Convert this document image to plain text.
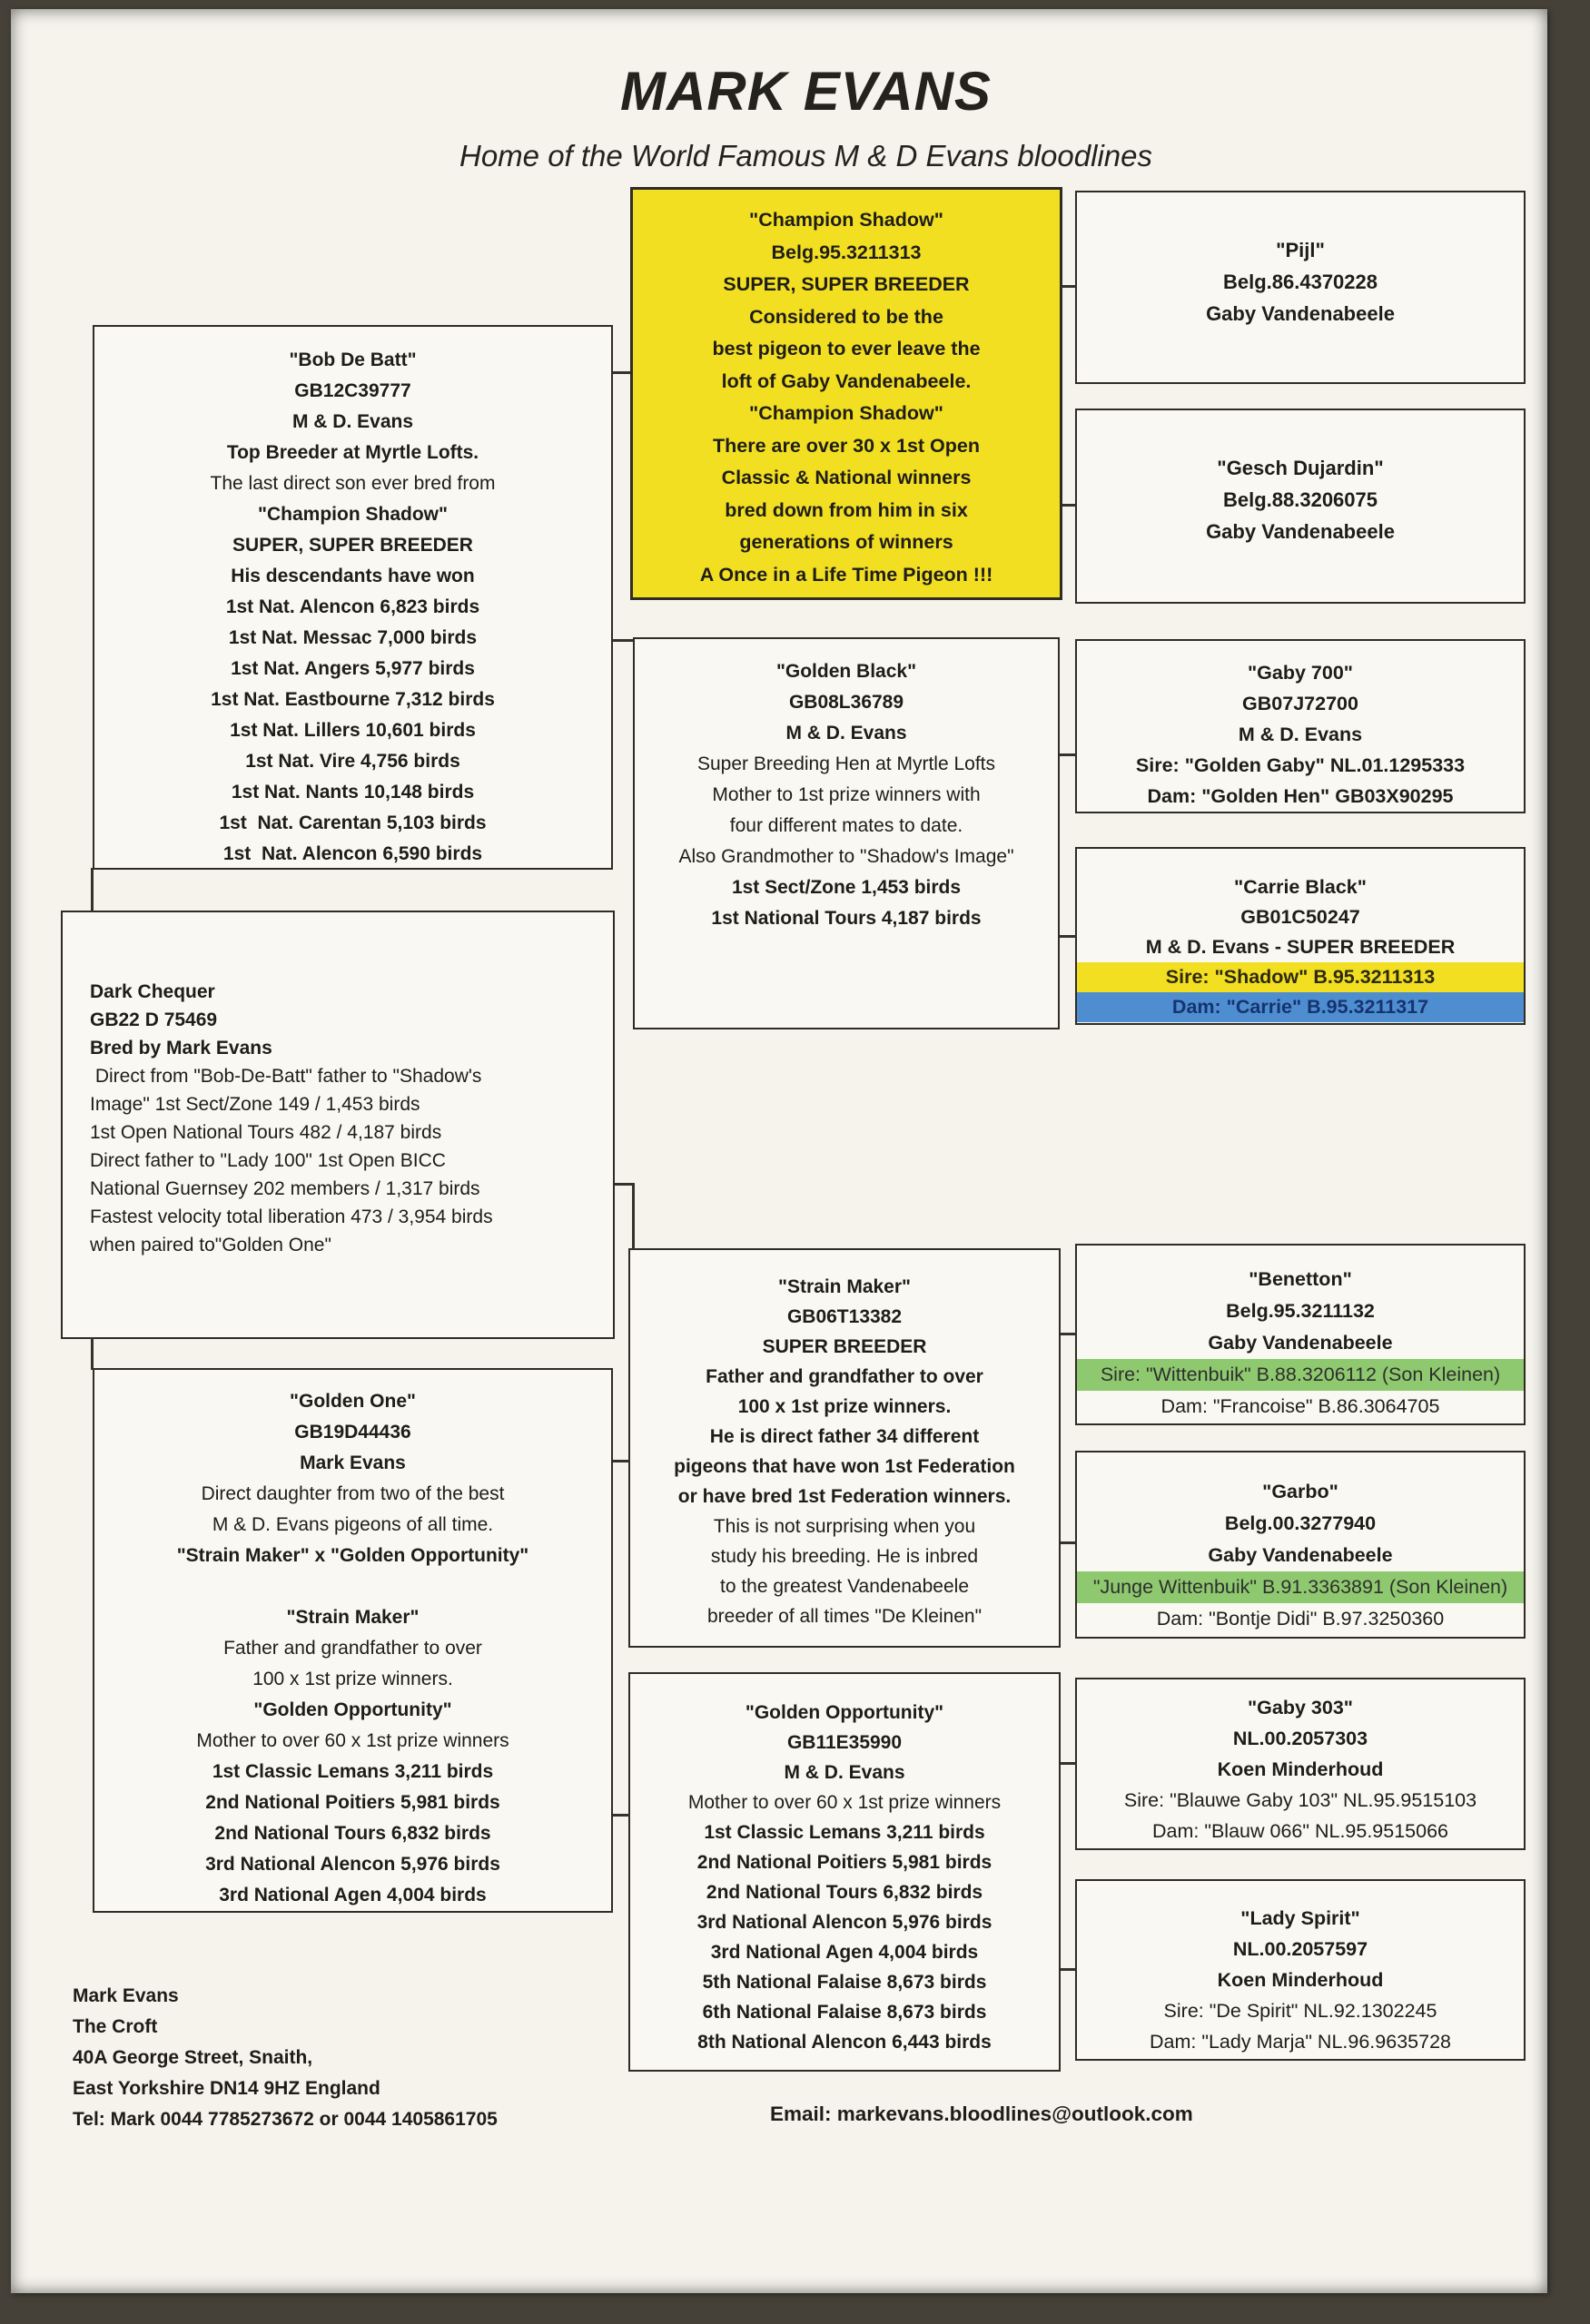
MARK EVANS
Home of the World Famous M & D Evans bloodlines
"Bob De Batt"
GB12C39777
M & D. Evans
Top Breeder at Myrtle Lofts.
The last direct son ever bred from
"Champion Shadow"
SUPER, SUPER BREEDER
His descendants have won
1st Nat. Alencon 6,823 birds
1st Nat. Messac 7,000 birds
1st Nat. Angers 5,977 birds
1st Nat. Eastbourne 7,312 birds
1st Nat. Lillers 10,601 birds
1st Nat. Vire 4,756 birds
1st Nat. Nants 10,148 birds
1st  Nat. Carentan 5,103 birds
1st  Nat. Alencon 6,590 birds
"Champion Shadow"
Belg.95.3211313
SUPER, SUPER BREEDER
Considered to be the
best pigeon to ever leave the
loft of Gaby Vandenabeele.
"Champion Shadow"
There are over 30 x 1st Open
Classic & National winners
bred down from him in six
generations of winners
A Once in a Life Time Pigeon !!!
"Pijl"
Belg.86.4370228
Gaby Vandenabeele
"Gesch Dujardin"
Belg.88.3206075
Gaby Vandenabeele
"Golden Black"
GB08L36789
M & D. Evans
Super Breeding Hen at Myrtle Lofts
Mother to 1st prize winners with
four different mates to date.
Also Grandmother to "Shadow's Image"
1st Sect/Zone 1,453 birds
1st National Tours 4,187 birds
"Gaby 700"
GB07J72700
M & D. Evans
Sire: "Golden Gaby" NL.01.1295333
Dam: "Golden Hen" GB03X90295
"Carrie Black"
GB01C50247
M & D. Evans - SUPER BREEDER
Sire: "Shadow" B.95.3211313
Dam: "Carrie" B.95.3211317
Dark Chequer
GB22 D 75469
Bred by Mark Evans
Direct from "Bob-De-Batt" father to "Shadow's
Image" 1st Sect/Zone 149 / 1,453 birds
1st Open National Tours 482 / 4,187 birds
Direct father to "Lady 100" 1st Open BICC
National Guernsey 202 members / 1,317 birds
Fastest velocity total liberation 473 / 3,954 birds
when paired to"Golden One"
"Golden One"
GB19D44436
Mark Evans
Direct daughter from two of the best
M & D. Evans pigeons of all time.
"Strain Maker" x "Golden Opportunity"

"Strain Maker"
Father and grandfather to over
100 x 1st prize winners.
"Golden Opportunity"
Mother to over 60 x 1st prize winners
1st Classic Lemans 3,211 birds
2nd National Poitiers 5,981 birds
2nd National Tours 6,832 birds
3rd National Alencon 5,976 birds
3rd National Agen 4,004 birds
"Strain Maker"
GB06T13382
SUPER BREEDER
Father and grandfather to over
100 x 1st prize winners.
He is direct father 34 different
pigeons that have won 1st Federation
or have bred 1st Federation winners.
This is not surprising when you
study his breeding. He is inbred
to the greatest Vandenabeele
breeder of all times "De Kleinen"
"Golden Opportunity"
GB11E35990
M & D. Evans
Mother to over 60 x 1st prize winners
1st Classic Lemans 3,211 birds
2nd National Poitiers 5,981 birds
2nd National Tours 6,832 birds
3rd National Alencon 5,976 birds
3rd National Agen 4,004 birds
5th National Falaise 8,673 birds
6th National Falaise 8,673 birds
8th National Alencon 6,443 birds
"Benetton"
Belg.95.3211132
Gaby Vandenabeele
Sire: "Wittenbuik" B.88.3206112 (Son Kleinen)
Dam: "Francoise" B.86.3064705
"Garbo"
Belg.00.3277940
Gaby Vandenabeele
"Junge Wittenbuik" B.91.3363891 (Son Kleinen)
Dam: "Bontje Didi" B.97.3250360
"Gaby 303"
NL.00.2057303
Koen Minderhoud
Sire: "Blauwe Gaby 103" NL.95.9515103
Dam: "Blauw 066" NL.95.9515066
"Lady Spirit"
NL.00.2057597
Koen Minderhoud
Sire: "De Spirit" NL.92.1302245
Dam: "Lady Marja" NL.96.9635728
Mark Evans
The Croft
40A George Street, Snaith,
East Yorkshire DN14 9HZ England
Tel: Mark 0044 7785273672 or 0044 1405861705	Email: markevans.bloodlines@outlook.com
